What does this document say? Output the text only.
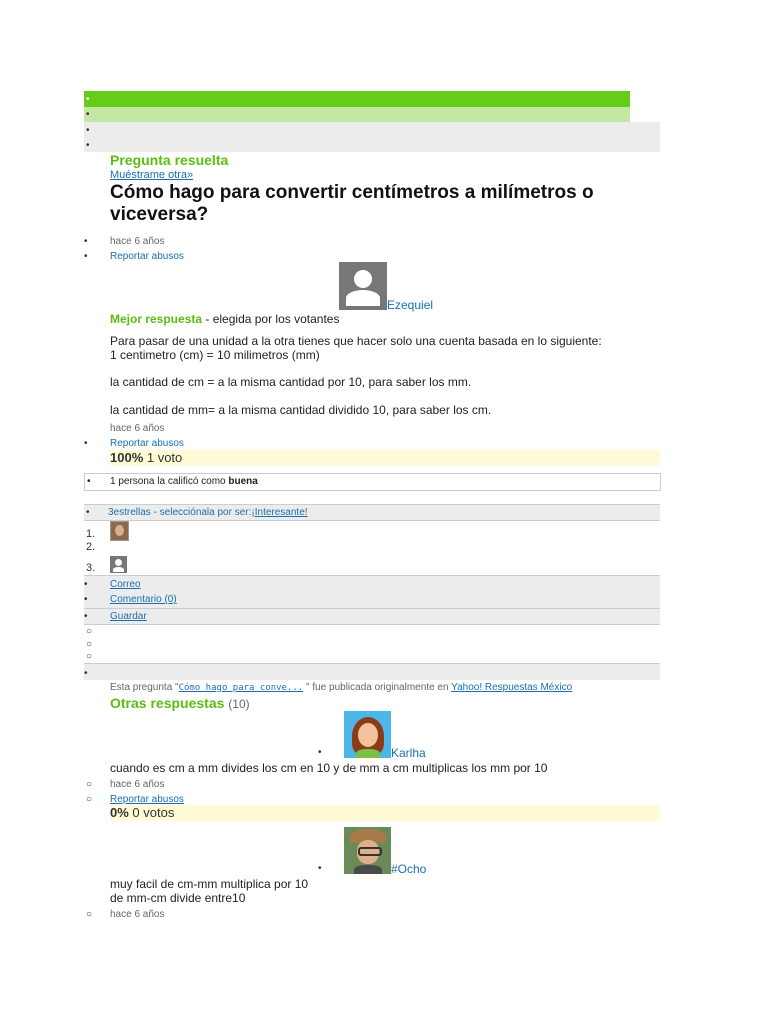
•
•
•
•
Pregunta resuelta
Muéstrame otra»
Cómo hago para convertir centímetros a milímetros o viceversa?
• hace 6 años
• Reportar abusos
Ezequiel
Mejor respuesta - elegida por los votantes
Para pasar de una unidad a la otra tienes que hacer solo una cuenta basada en lo siguiente:
1 centimetro (cm) = 10 milimetros (mm)
la cantidad de cm = a la misma cantidad por 10, para saber los mm.
la cantidad de mm= a la misma cantidad dividido 10, para saber los cm.
hace 6 años
• Reportar abusos
100% 1 voto
• 1 persona la calificó como buena
• 3estrellas - selecciónala por ser:¡Interesante!
1.
2.
3.
• Correo
• Comentario (0)
• Guardar
○
○
○
•
Esta pregunta "Cómo hago para conve... " fue publicada originalmente en Yahoo! Respuestas México
Otras respuestas (10)
•	Karlha
cuando es cm a mm divides los cm en 10 y de mm a cm multiplicas los mm por 10
○ hace 6 años
○ Reportar abusos
0% 0 votos
•	#Ocho
muy facil de cm-mm multiplica por 10
de mm-cm divide entre10
○ hace 6 años
